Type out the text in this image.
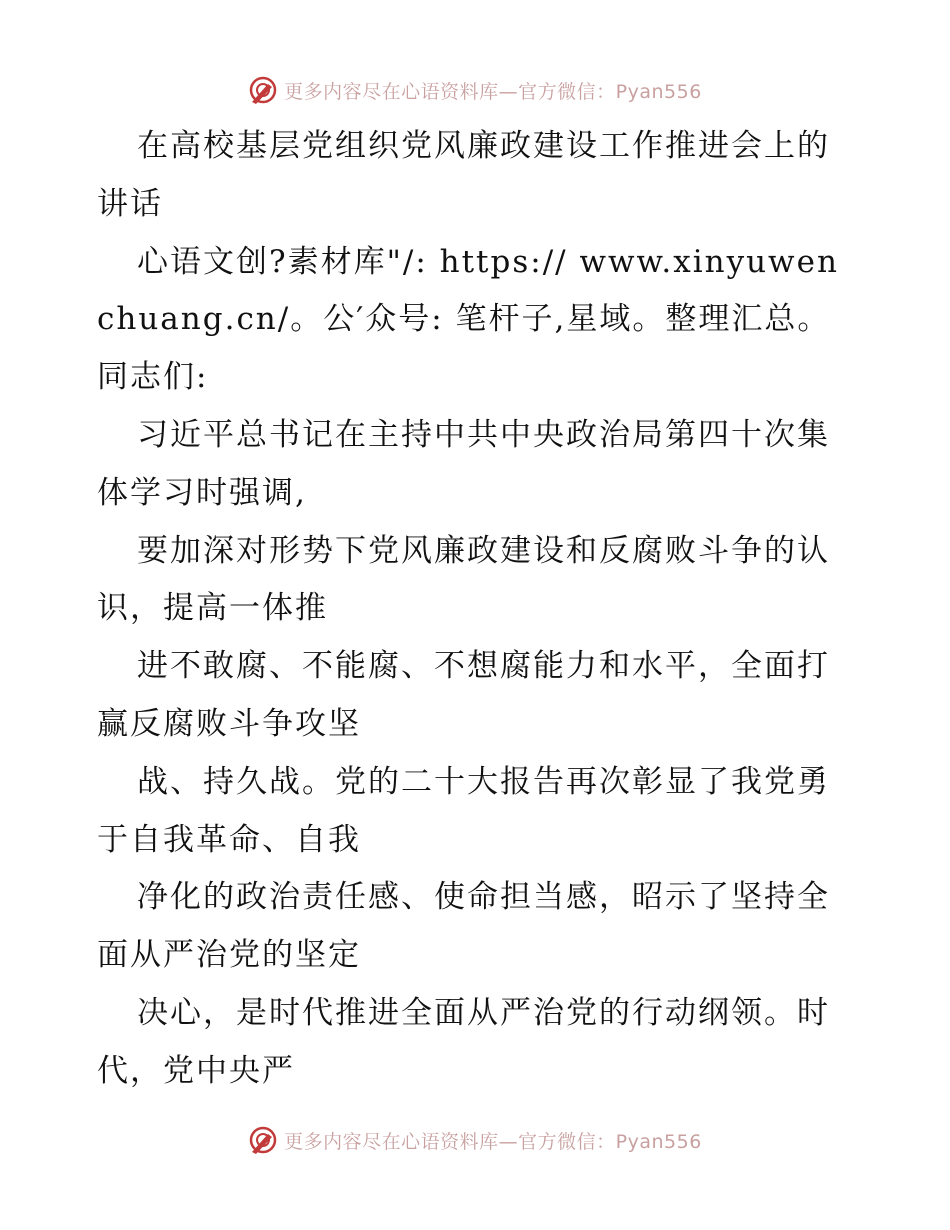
更多内容尽在心语资料库—官方微信：Pyan556

在高校基层党组织党风廉政建设工作推进会上的讲话

心语文创?素材库"/: https:// www.xinyuwenchuang.cn/。公′众号: 笔杆子,星域。整理汇总。同志们:

习近平总书记在主持中共中央政治局第四十次集体学习时强调,

要加深对形势下党风廉政建设和反腐败斗争的认识，提高一体推

进不敢腐、不能腐、不想腐能力和水平，全面打赢反腐败斗争攻坚

战、持久战。党的二十大报告再次彰显了我党勇于自我革命、自我

净化的政治责任感、使命担当感，昭示了坚持全面从严治党的坚定

决心，是时代推进全面从严治党的行动纲领。时代，党中央严

更多内容尽在心语资料库—官方微信：Pyan556
